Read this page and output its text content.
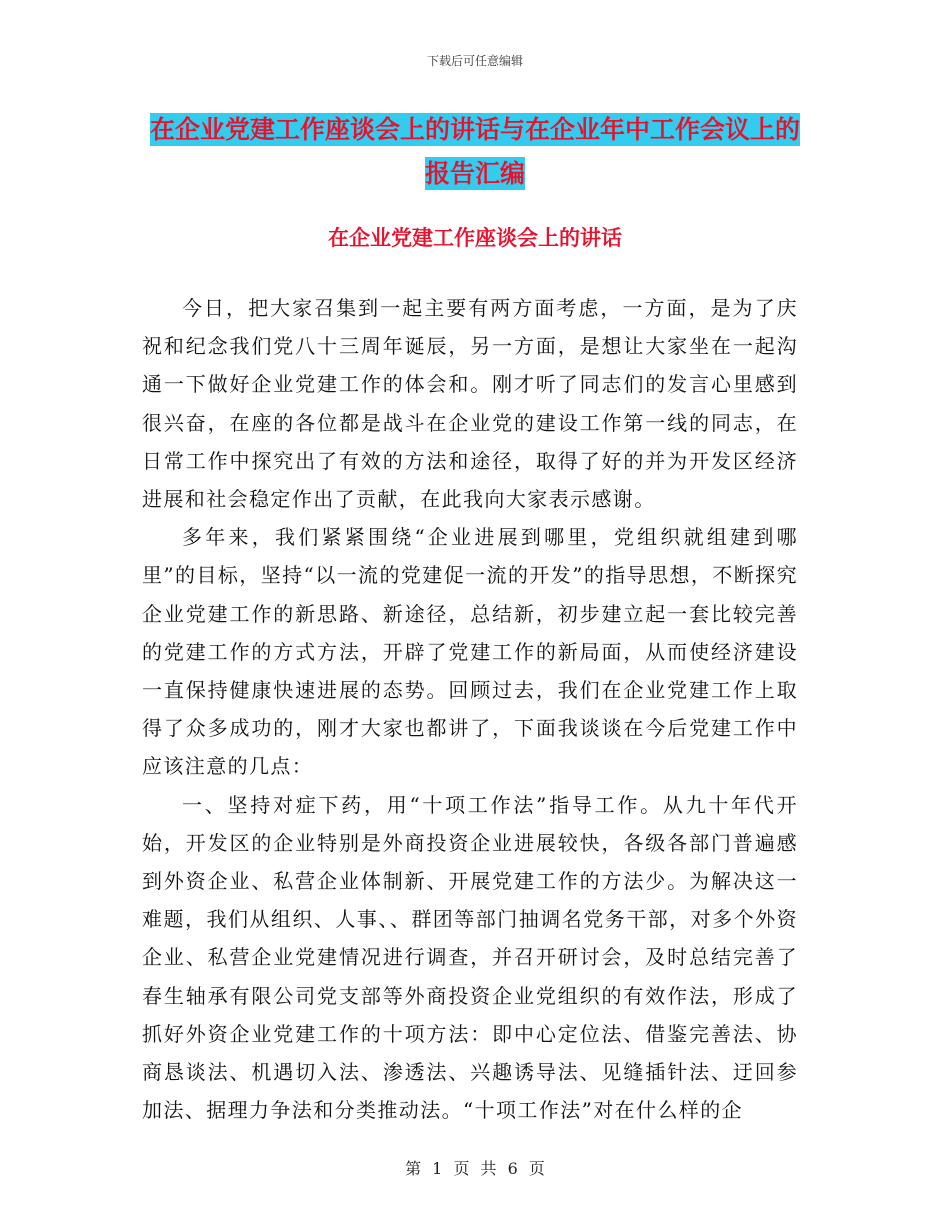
下载后可任意编辑
在企业党建工作座谈会上的讲话与在企业年中工作会议上的报告汇编
在企业党建工作座谈会上的讲话

今日，把大家召集到一起主要有两方面考虑，一方面，是为了庆祝和纪念我们党八十三周年诞辰，另一方面，是想让大家坐在一起沟通一下做好企业党建工作的体会和。刚才听了同志们的发言心里感到很兴奋，在座的各位都是战斗在企业党的建设工作第一线的同志，在日常工作中探究出了有效的方法和途径，取得了好的并为开发区经济进展和社会稳定作出了贡献，在此我向大家表示感谢。

多年来，我们紧紧围绕“企业进展到哪里，党组织就组建到哪里”的目标，坚持“以一流的党建促一流的开发”的指导思想，不断探究企业党建工作的新思路、新途径，总结新，初步建立起一套比较完善的党建工作的方式方法，开辟了党建工作的新局面，从而使经济建设一直保持健康快速进展的态势。回顾过去，我们在企业党建工作上取得了众多成功的，刚才大家也都讲了，下面我谈谈在今后党建工作中应该注意的几点：

一、坚持对症下药，用“十项工作法”指导工作。从九十年代开始，开发区的企业特别是外商投资企业进展较快，各级各部门普遍感到外资企业、私营企业体制新、开展党建工作的方法少。为解决这一难题，我们从组织、人事、、群团等部门抽调名党务干部，对多个外资企业、私营企业党建情况进行调查，并召开研讨会，及时总结完善了春生轴承有限公司党支部等外商投资企业党组织的有效作法，形成了抓好外资企业党建工作的十项方法：即中心定位法、借鉴完善法、协商恳谈法、机遇切入法、渗透法、兴趣诱导法、见缝插针法、迂回参加法、据理力争法和分类推动法。“十项工作法”对在什么样的企

第 1 页 共 6 页
